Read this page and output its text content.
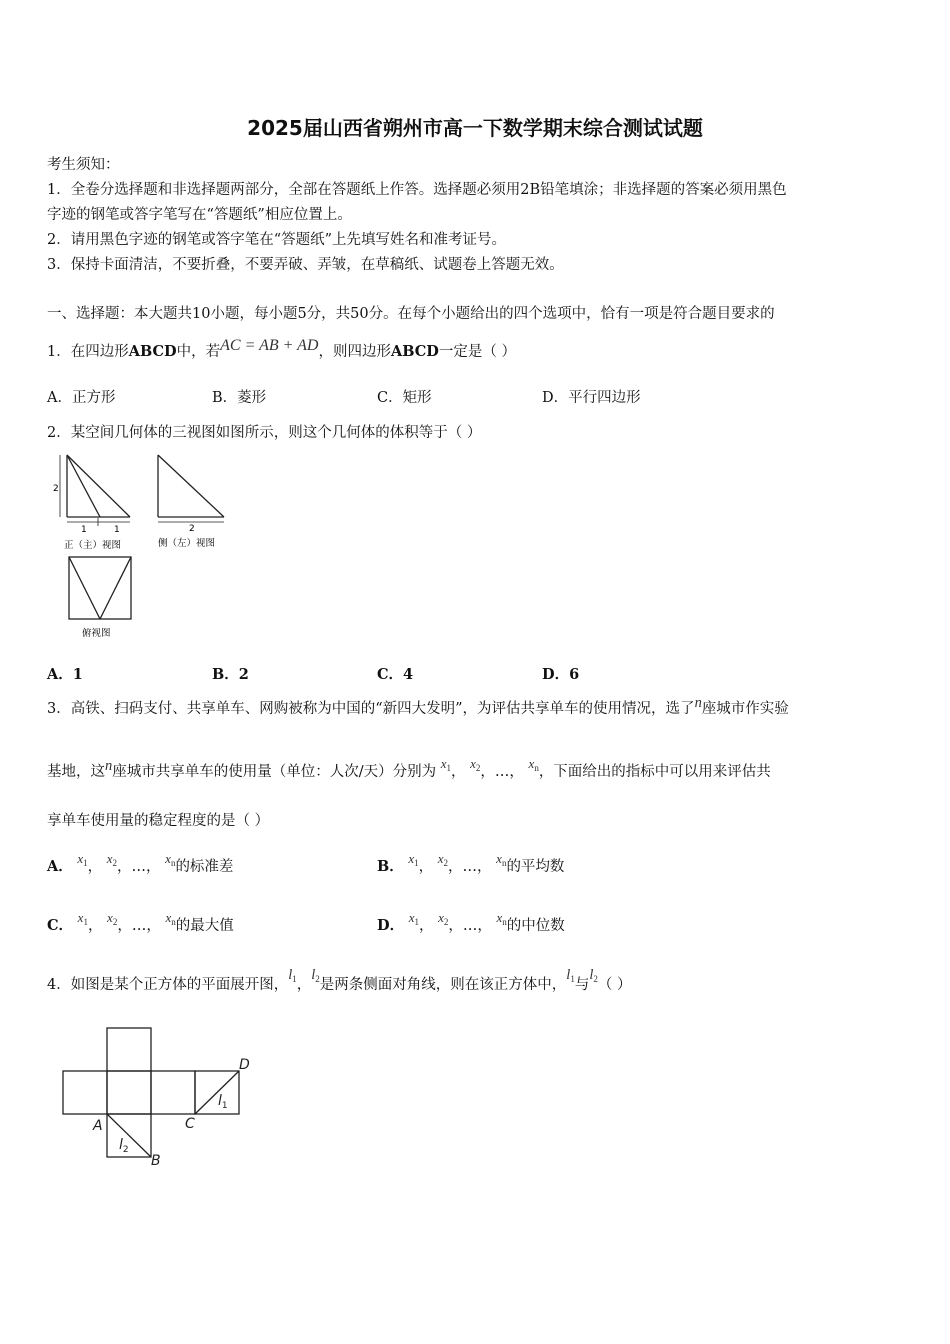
2025届山西省朔州市高一下数学期末综合测试试题
考生须知：
1．全卷分选择题和非选择题两部分，全部在答题纸上作答。选择题必须用2B铅笔填涂；非选择题的答案必须用黑色
字迹的钢笔或答字笔写在“答题纸”相应位置上。
2．请用黑色字迹的钢笔或答字笔在“答题纸”上先填写姓名和准考证号。
3．保持卡面清洁，不要折叠，不要弄破、弄皱，在草稿纸、试题卷上答题无效。
一、选择题：本大题共10小题，每小题5分，共50分。在每个小题给出的四个选项中，恰有一项是符合题目要求的
1．在四边形ABCD中，若AC = AB + AD，则四边形ABCD一定是（ ）
A．正方形	B．菱形	C．矩形	D．平行四边形
2．某空间几何体的三视图如图所示，则这个几何体的体积等于（ ）
2
1	1
正（主）视图
2
侧（左）视图
俯视图
A．1	B．2	C．4	D．6
3．高铁、扫码支付、共享单车、网购被称为中国的“新四大发明”，为评估共享单车的使用情况，选了n座城市作实验
基地，这n座城市共享单车的使用量（单位：人次/天）分别为 $x_1$， $x_2$，…， $x_n$，下面给出的指标中可以用来评估共
享单车使用量的稳定程度的是（ ）
A． $x_1$， $x_2$，…， $x_n$的标准差	B． $x_1$， $x_2$，…， $x_n$的平均数
C． $x_1$， $x_2$，…， $x_n$的最大值	D． $x_1$， $x_2$，…， $x_n$的中位数
4．如图是某个正方体的平面展开图，$l_1$，$l_2$是两条侧面对角线，则在该正方体中，$l_1$与$l_2$（ ）
D
C
A
B
$l_1$
$l_2$
